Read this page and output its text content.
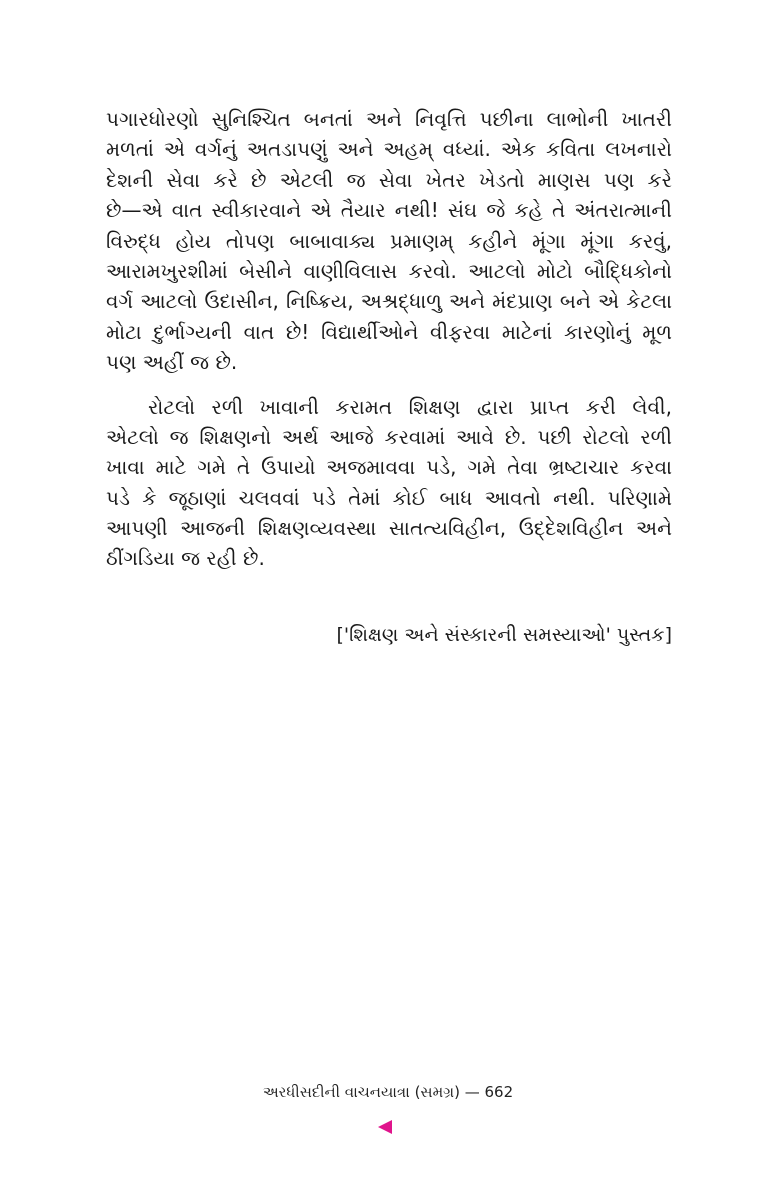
પગારધોરણો સુનિશ્ચિત બનતાં અને નિવૃત્તિ પછીના લાભોની ખાતરી
મળતાં એ વર્ગનું અતડાપણું અને અહમ્ વધ્યાં. એક કવિતા લખનારો
દેશની સેવા કરે છે એટલી જ સેવા ખેતર ખેડતો માણસ પણ કરે
છે—એ વાત સ્વીકારવાને એ તૈયાર નથી! સંઘ જે કહે તે અંતરાત્માની
વિરુદ્ધ હોય તોપણ બાબાવાક્ય પ્રમાણમ્ કહીને મૂંગા મૂંગા કરવું,
આરામખુરશીમાં બેસીને વાણીવિલાસ કરવો. આટલો મોટો બૌદ્ધિકોનો
વર્ગ આટલો ઉદાસીન, નિષ્ક્રિય, અશ્રદ્ધાળુ અને મંદપ્રાણ બને એ કેટલા
મોટા દુર્ભાગ્યની વાત છે! વિદ્યાર્થીઓને વીફરવા માટેનાં કારણોનું મૂળ
પણ અહીં જ છે.

રોટલો રળી ખાવાની કરામત શિક્ષણ દ્વારા પ્રાપ્ત કરી લેવી,
એટલો જ શિક્ષણનો અર્થ આજે કરવામાં આવે છે. પછી રોટલો રળી
ખાવા માટે ગમે તે ઉપાયો અજમાવવા પડે, ગમે તેવા ભ્રષ્ટાચાર કરવા
પડે કે જૂઠાણાં ચલવવાં પડે તેમાં કોઈ બાધ આવતો નથી. પરિણામે
આપણી આજની શિક્ષણવ્યવસ્થા સાતત્યવિહીન, ઉદ્દેશવિહીન અને
ઠીંગડિયા જ રહી છે.

['શિક્ષણ અને સંસ્કારની સમસ્યાઓ' પુસ્તક]
અરધીસદીની વાચનયાત્રા (સમગ્ર) — 662
